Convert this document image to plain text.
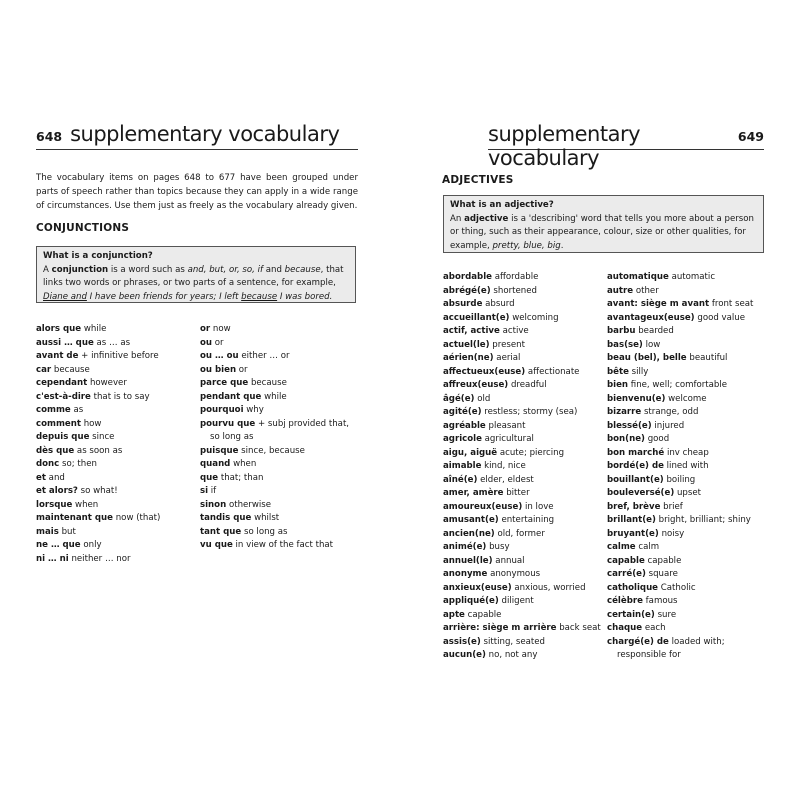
648 supplementary vocabulary

The vocabulary items on pages 648 to 677 have been grouped under parts of speech rather than topics because they can apply in a wide range of circumstances. Use them just as freely as the vocabulary already given.

CONJUNCTIONS
What is a conjunction?
A conjunction is a word such as and, but, or, so, if and because, that links two words or phrases, or two parts of a sentence, for example, Diane and I have been friends for years; I left because I was bored.
alors que while
aussi … que as … as
avant de + infinitive before
car because
cependant however
c'est-à-dire that is to say
comme as
comment how
depuis que since
dès que as soon as
donc so; then
et and
et alors? so what!
lorsque when
maintenant que now (that)
mais but
ne … que only
ni … ni neither … nor
or now
ou or
ou … ou either … or
ou bien or
parce que because
pendant que while
pourquoi why
pourvu que + subj provided that, so long as
puisque since, because
quand when
que that; than
si if
sinon otherwise
tandis que whilst
tant que so long as
vu que in view of the fact that
supplementary vocabulary
649
ADJECTIVES
What is an adjective?
An adjective is a 'describing' word that tells you more about a person or thing, such as their appearance, colour, size or other qualities, for example, pretty, blue, big.
abordable affordable
abrégé(e) shortened
absurde absurd
accueillant(e) welcoming
actif, active active
actuel(le) present
aérien(ne) aerial
affectueux(euse) affectionate
affreux(euse) dreadful
âgé(e) old
agité(e) restless; stormy (sea)
agréable pleasant
agricole agricultural
aigu, aiguë acute; piercing
aimable kind, nice
aîné(e) elder, eldest
amer, amère bitter
amoureux(euse) in love
amusant(e) entertaining
ancien(ne) old, former
animé(e) busy
annuel(le) annual
anonyme anonymous
anxieux(euse) anxious, worried
appliqué(e) diligent
apte capable
arrière: siège m arrière back seat
assis(e) sitting, seated
aucun(e) no, not any
automatique automatic
autre other
avant: siège m avant front seat
avantageux(euse) good value
barbu bearded
bas(se) low
beau (bel), belle beautiful
bête silly
bien fine, well; comfortable
bienvenu(e) welcome
bizarre strange, odd
blessé(e) injured
bon(ne) good
bon marché inv cheap
bordé(e) de lined with
bouillant(e) boiling
bouleversé(e) upset
bref, brève brief
brillant(e) bright, brilliant; shiny
bruyant(e) noisy
calme calm
capable capable
carré(e) square
catholique Catholic
célèbre famous
certain(e) sure
chaque each
chargé(e) de loaded with; responsible for
